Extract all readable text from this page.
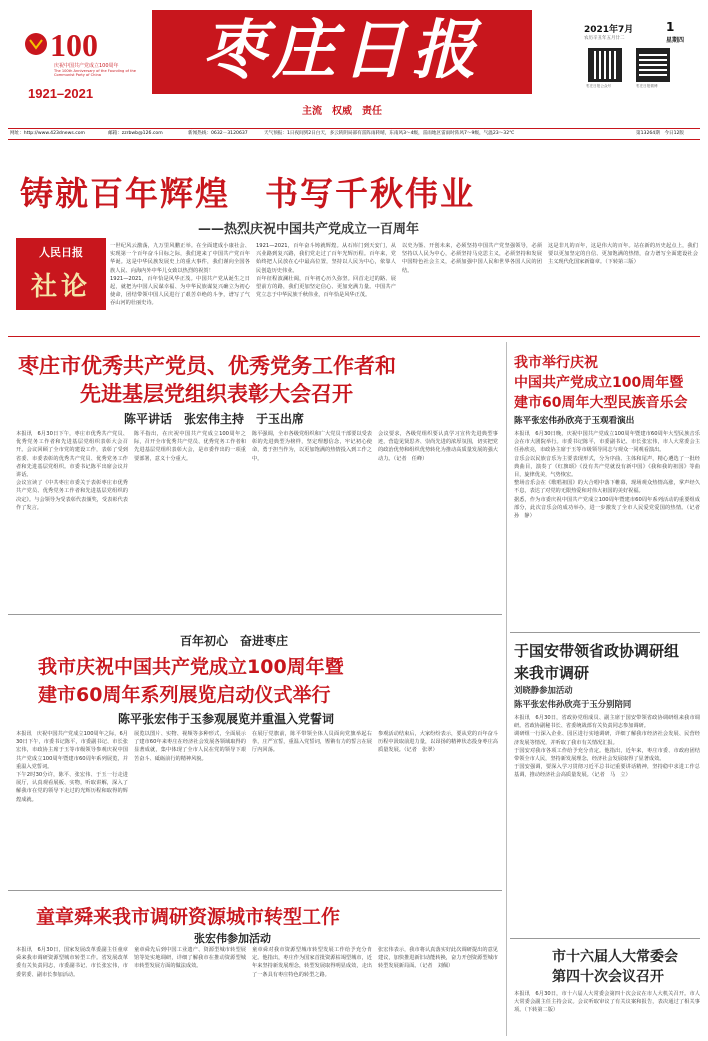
100
庆祝中国共产党成立100周年
The 100th Anniversary of the Founding of the Communist Party of China
1921–2021
枣庄日报
主流　权威　责任
2021年7月	1
农历辛丑年五月廿二	星期四
枣庄日报公众号	枣庄日报微博
网址：http://www.423dnews.com	邮箱：zzrbwb@126.com	新闻热线：0632－3120637	天气预报：1日夜间到2日白天，多云转阴局部有雷阵雨转晴，东南风3～4级，雷雨地区雷雨时阵风7～9级，气温23～32℃	第13264期　今日12版
铸就百年辉煌　书写千秋伟业
——热烈庆祝中国共产党成立一百周年
人民日报
社论

一世纪风云激荡，九万里风鹏正举。在全面建成小康社会、实现第一个百年奋斗目标之际，我们迎来了中国共产党百年华诞。这是中华民族发展史上的重大事件，我们谨向全国各族人民、向海内外中华儿女致以热烈的祝贺！

1921—2021，百年恰是风华正茂。中国共产党从诞生之日起，就把为中国人民谋幸福、为中华民族谋复兴确立为初心使命，团结带领中国人民进行了艰苦卓绝的斗争，谱写了气吞山河的壮丽史诗。

1921—2021，百年奋斗铸就辉煌。从石库门到天安门，从兴业路到复兴路，我们党走过了百年光辉历程。百年来，党始终把人民放在心中最高位置，坚持以人民为中心，依靠人民创造历史伟业。

百年征程波澜壮阔，百年初心历久弥坚。回首走过的路、展望前方的路，我们更加坚定信心、更加充满力量。中国共产党立志于中华民族千秋伟业，百年恰是风华正茂。

以史为鉴、开创未来，必须坚持中国共产党坚强领导，必须坚持以人民为中心，必须坚持马克思主义，必须坚持和发展中国特色社会主义，必须加强中国人民和世界各国人民的团结。

这是非凡的百年，这是伟大的百年。站在新的历史起点上，我们要以更加坚定的自信、更加饱满的热情，奋力谱写全面建设社会主义现代化国家新篇章。（下转第三版）

枣庄市优秀共产党员、优秀党务工作者和
先进基层党组织表彰大会召开
陈平讲话　张宏伟主持　于玉出席

本报讯　6月30日下午，枣庄市优秀共产党员、优秀党务工作者和先进基层党组织表彰大会召开。会议回顾了全市党的建设工作，表彰了受到省委、市委表彰的优秀共产党员、优秀党务工作者和先进基层党组织。市委书记陈平出席会议并讲话。

会议宣读了《中共枣庄市委关于表彰枣庄市优秀共产党员、优秀党务工作者和先进基层党组织的决定》。与会领导为受表彰代表颁奖，受表彰代表作了发言。

陈平指出，在庆祝中国共产党成立100周年之际，召开全市优秀共产党员、优秀党务工作者和先进基层党组织表彰大会，是市委作出的一项重要部署，意义十分重大。

陈平强调，全市各级党组织和广大党员干部要以受表彰的先进典型为榜样，坚定理想信念，牢记初心使命，勇于担当作为，以更加饱满的热情投入到工作之中。

会议要求，各级党组织要认真学习宣传先进典型事迹，营造见贤思齐、崇尚先进的浓厚氛围，切实把党的政治优势和组织优势转化为推动高质量发展的强大动力。（记者　任峰）

百年初心　奋进枣庄
我市庆祝中国共产党成立100周年暨
建市60周年系列展览启动仪式举行
陈平张宏伟于玉参观展览并重温入党誓词

本报讯　庆祝中国共产党成立100周年之际，6月30日下午，市委书记陈平，市委副书记、市长张宏伟，市政协主席于玉等市级领导参观庆祝中国共产党成立100周年暨建市60周年系列展览，并重温入党誓词。

下午2时30分许，陈平、张宏伟、于玉一行走进展厅，认真观看展板、实物，听取讲解，深入了解我市在党的领导下走过的光辉历程和取得的辉煌成就。

展览以图片、实物、视频等多种形式，全面展示了建市60年来枣庄在经济社会发展各领域取得的显著成就，集中体现了全市人民在党的领导下艰苦奋斗、砥砺前行的精神风貌。

在展厅党旗前，陈平带领全体人员面向党旗举起右拳，庄严宣誓，重温入党誓词，铿锵有力的誓言在展厅内回荡。

参观活动结束后，大家纷纷表示，要从党的百年奋斗历程中汲取前进力量，以昂扬的精神状态投身枣庄高质量发展。（记者　张翠）

童章舜来我市调研资源城市转型工作
张宏伟参加活动

本报讯　6月30日，国家发展改革委副主任童章舜来我市调研资源型城市转型工作。省发展改革委有关负责同志，市委副书记、市长张宏伟，市委常委、副市长参加活动。

童章舜先后到中国工业遗产、资源型城市转型展馆等处实地调研，详细了解我市在推动资源型城市转型发展方面的做法成效。

童章舜对我市资源型城市转型发展工作给予充分肯定。他指出，枣庄作为国家首批资源枯竭型城市，近年来坚持新发展理念，转型发展取得明显成效，走出了一条具有枣庄特色的转型之路。

张宏伟表示，我市将认真落实好此次调研提出的意见建议，加快推进新旧动能转换，奋力开创资源型城市转型发展新局面。（记者　刘佩）

我市举行庆祝
中国共产党成立100周年暨
建市60周年大型民族音乐会
陈平张宏伟孙欣亮于玉观看演出

本报讯　6月30日晚，庆祝中国共产党成立100周年暨建市60周年大型民族音乐会在市大剧院举行。市委书记陈平，市委副书记、市长张宏伟，市人大常委会主任孙欣亮，市政协主席于玉等市级领导同志与观众一同观看演出。

音乐会以民族音乐为主要表现形式，分为序曲、主体和尾声，精心遴选了一批经典曲目，演奏了《红旗颂》《没有共产党就没有新中国》《我和我的祖国》等曲目，旋律优美，气势恢宏。

整场音乐会在《歌唱祖国》的大合唱中落下帷幕，现场观众热情高涨，掌声经久不息，表达了对党的无限热爱和对伟大祖国的美好祝福。

据悉，作为市委庆祝中国共产党成立100周年暨建市60周年系列活动的重要组成部分，此次音乐会的成功举办，进一步激发了全市人民爱党爱国的热情。（记者　孙　静）

于国安带领省政协调研组
来我市调研
刘晓静参加活动
陈平张宏伟孙欣亮于玉分别陪同

本报讯　6月30日，省政协党组成员、副主席于国安带领省政协调研组来我市调研。省政协副秘书长、省委统战部有关负责同志参加调研。

调研组一行深入企业、园区进行实地调研，详细了解我市经济社会发展、民营经济发展等情况，并听取了我市有关情况汇报。

于国安对我市各项工作给予充分肯定。他指出，近年来，枣庄市委、市政府团结带领全市人民，坚持新发展理念，经济社会发展取得了显著成效。

于国安强调，要深入学习贯彻习近平总书记重要讲话精神，坚持稳中求进工作总基调，推动经济社会高质量发展。（记者　马　立）

市十六届人大常委会
第四十次会议召开

本报讯　6月30日，市十六届人大常委会第四十次会议在市人大机关召开。市人大常委会副主任主持会议。会议听取审议了有关议案和报告，表决通过了相关事项。（下转第二版）
